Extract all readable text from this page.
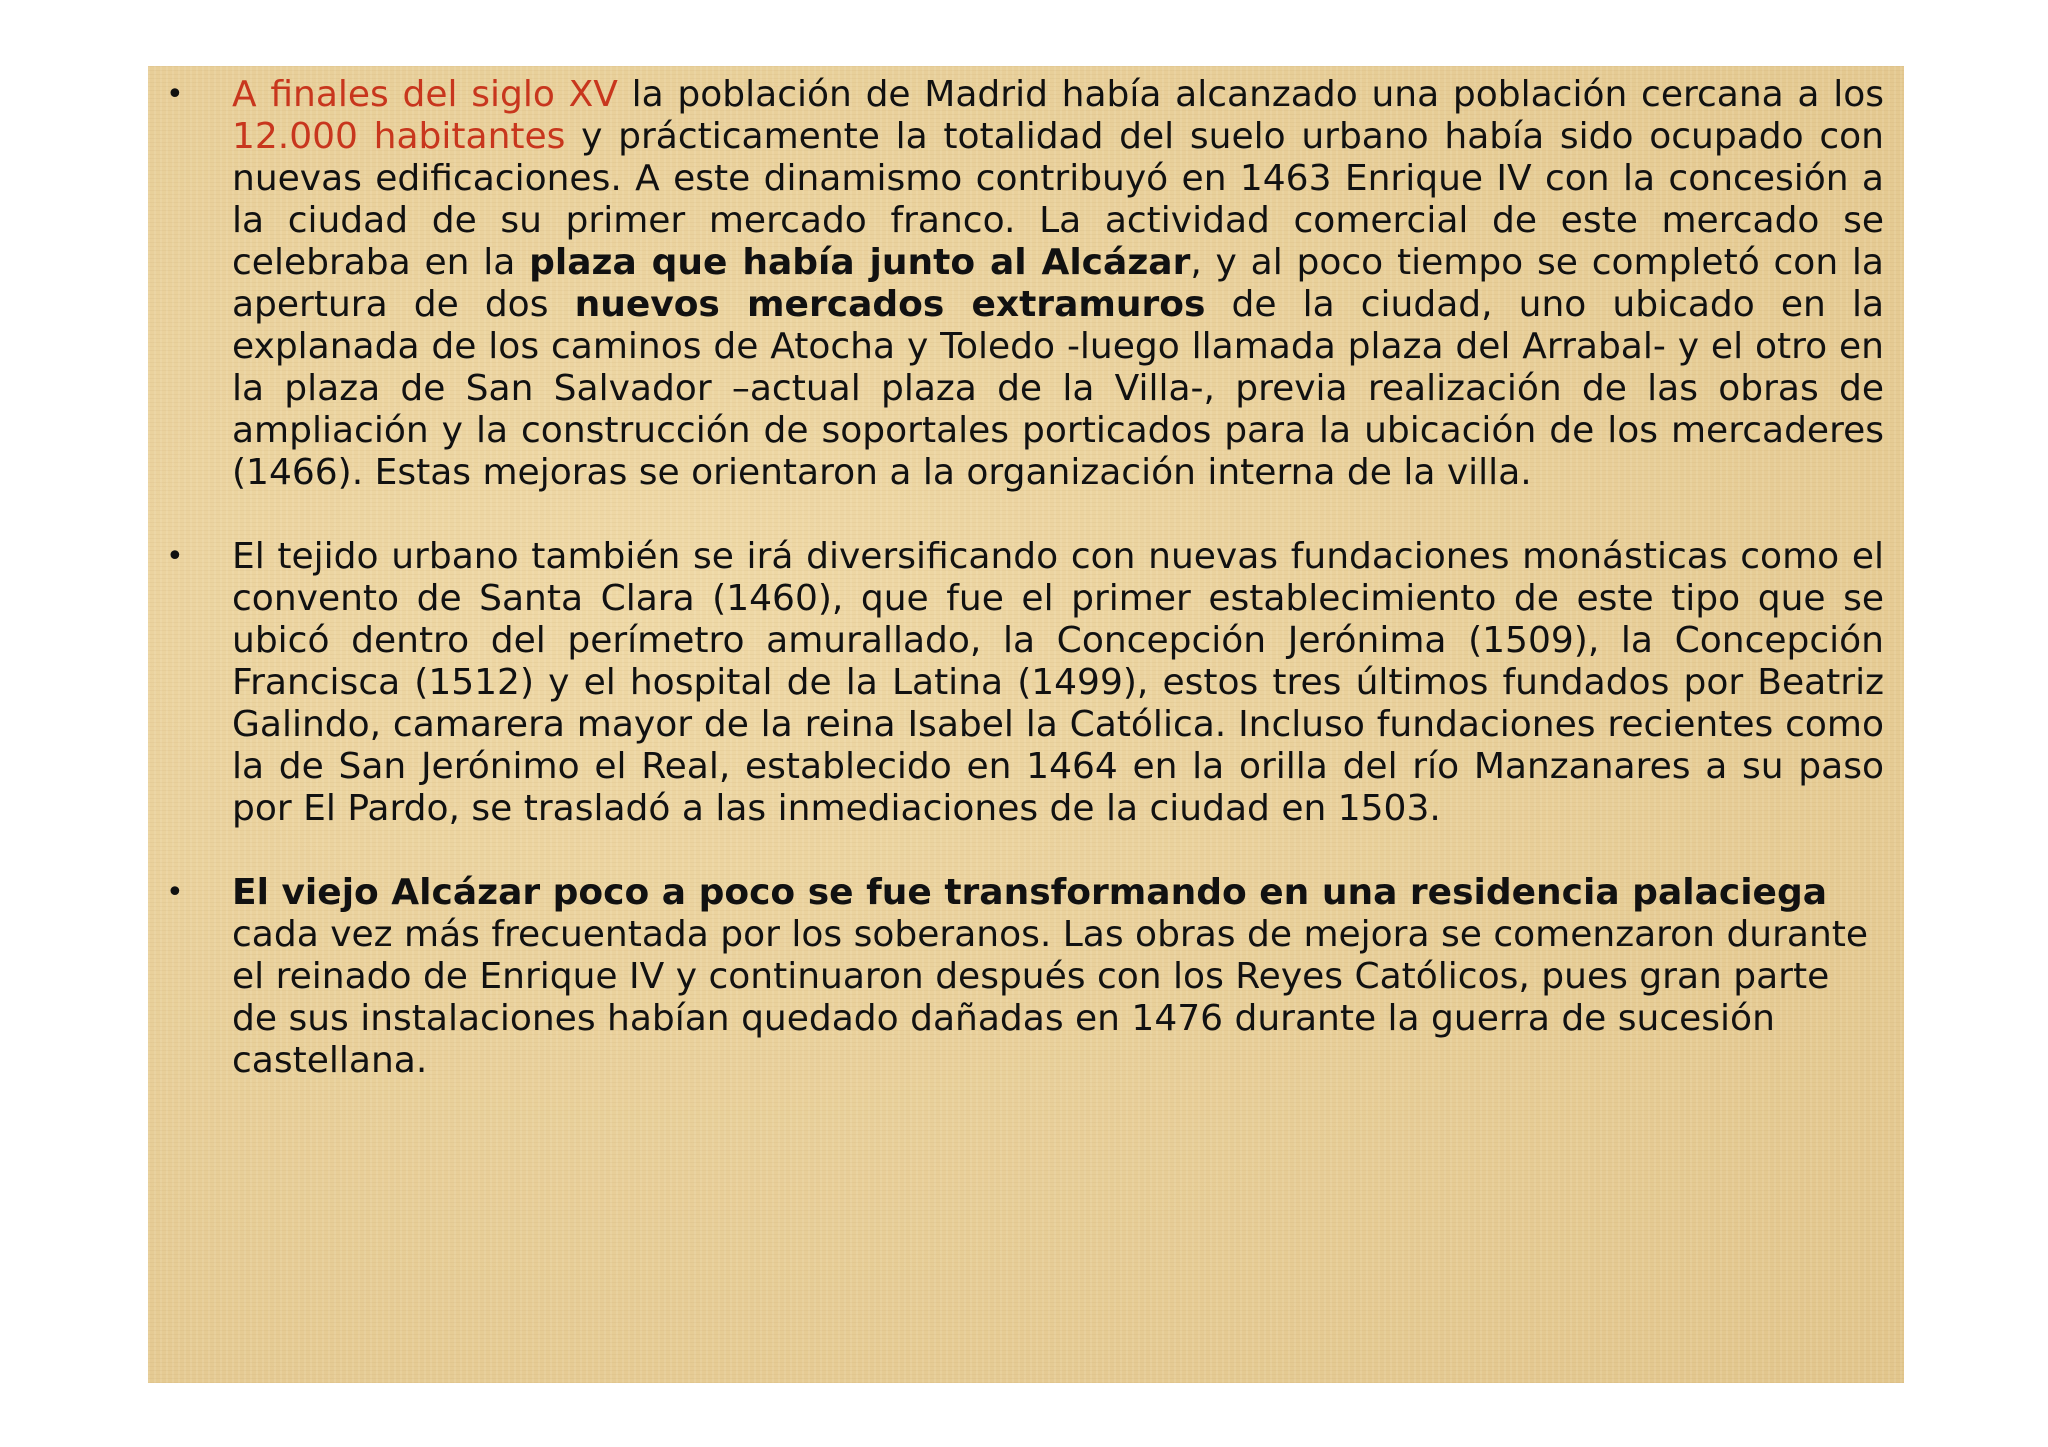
• A finales del siglo XV la población de Madrid había alcanzado una población cercana a los 12.000 habitantes y prácticamente la totalidad del suelo urbano había sido ocupado con nuevas edificaciones. A este dinamismo contribuyó en 1463 Enrique IV con la concesión a la ciudad de su primer mercado franco. La actividad comercial de este mercado se celebraba en la plaza que había junto al Alcázar, y al poco tiempo se completó con la apertura de dos nuevos mercados extramuros de la ciudad, uno ubicado en la explanada de los caminos de Atocha y Toledo -luego llamada plaza del Arrabal- y el otro en la plaza de San Salvador –actual plaza de la Villa-, previa realización de las obras de ampliación y la construcción de soportales porticados para la ubicación de los mercaderes (1466). Estas mejoras se orientaron a la organización interna de la villa.

• El tejido urbano también se irá diversificando con nuevas fundaciones monásticas como el convento de Santa Clara (1460), que fue el primer establecimiento de este tipo que se ubicó dentro del perímetro amurallado, la Concepción Jerónima (1509), la Concepción Francisca (1512) y el hospital de la Latina (1499), estos tres últimos fundados por Beatriz Galindo, camarera mayor de la reina Isabel la Católica. Incluso fundaciones recientes como la de San Jerónimo el Real, establecido en 1464 en la orilla del río Manzanares a su paso por El Pardo, se trasladó a las inmediaciones de la ciudad en 1503.

• El viejo Alcázar poco a poco se fue transformando en una residencia palaciega cada vez más frecuentada por los soberanos. Las obras de mejora se comenzaron durante el reinado de Enrique IV y continuaron después con los Reyes Católicos, pues gran parte de sus instalaciones habían quedado dañadas en 1476 durante la guerra de sucesión castellana.
